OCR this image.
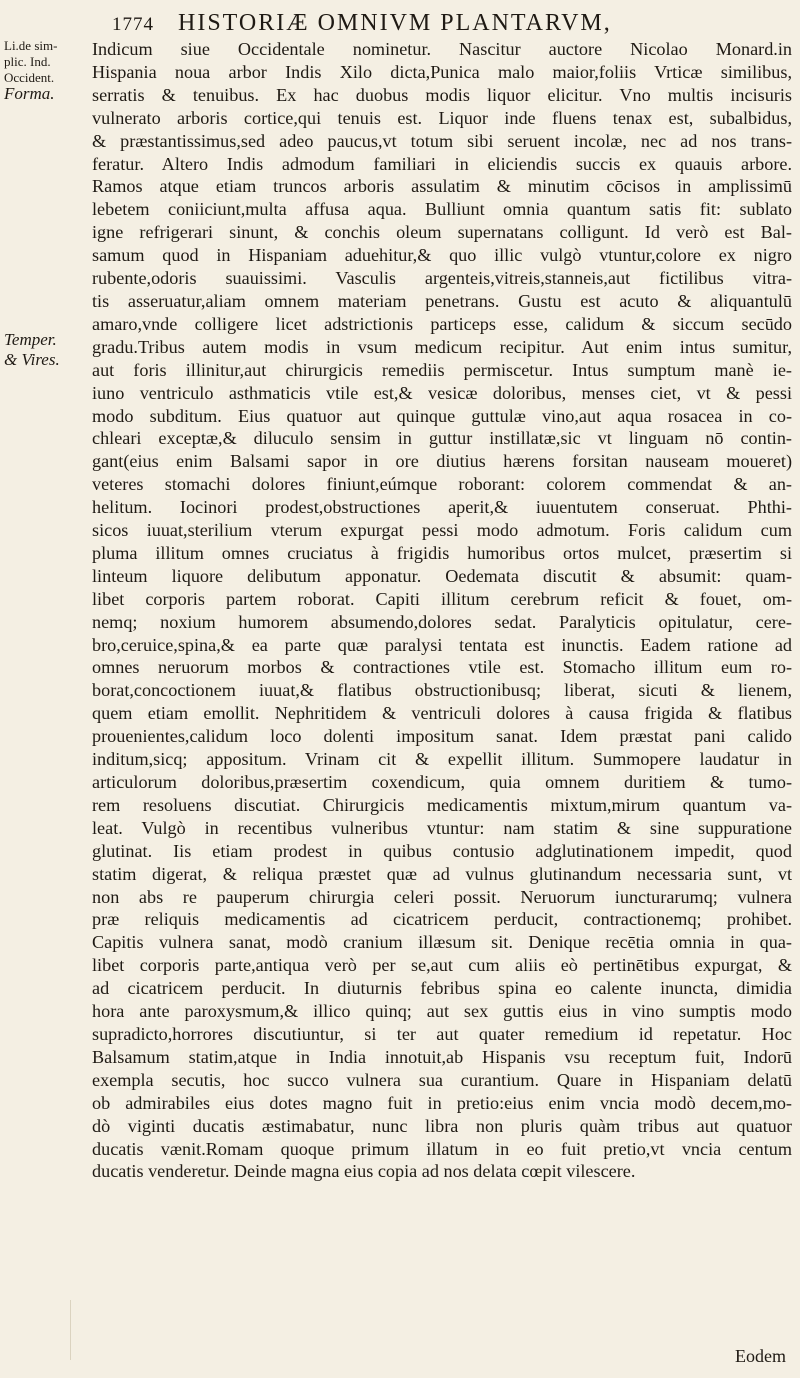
1774 HISTORIÆ OMNIVM PLANTARVM,
Li.de sim-
plic. Ind.
Occident.
Forma.
Temper.
& Vires.
Indicum siue Occidentale nominetur. Nascitur auctore Nicolao Monard.in
Hispania noua arbor Indis Xilo dicta,Punica malo maior,foliis Vrticæ similibus,
serratis & tenuibus. Ex hac duobus modis liquor elicitur. Vno multis incisuris
vulnerato arboris cortice,qui tenuis est. Liquor inde fluens tenax est, subalbidus,
& præstantissimus,sed adeo paucus,vt totum sibi seruent incolæ, nec ad nos trans-
feratur. Altero Indis admodum familiari in eliciendis succis ex quauis arbore.
Ramos atque etiam truncos arboris assulatim & minutim cōcisos in amplissimū
lebetem coniiciunt,multa affusa aqua. Bulliunt omnia quantum satis fit: sublato
igne refrigerari sinunt, & conchis oleum supernatans colligunt. Id verò est Bal-
samum quod in Hispaniam aduehitur,& quo illic vulgò vtuntur,colore ex nigro
rubente,odoris suauissimi. Vasculis argenteis,vitreis,stanneis,aut fictilibus vitra-
tis asseruatur,aliam omnem materiam penetrans. Gustu est acuto & aliquantulū
amaro,vnde colligere licet adstrictionis particeps esse, calidum & siccum secūdo
gradu.Tribus autem modis in vsum medicum recipitur. Aut enim intus sumitur,
aut foris illinitur,aut chirurgicis remediis permiscetur. Intus sumptum manè ie-
iuno ventriculo asthmaticis vtile est,& vesicæ doloribus, menses ciet, vt & pessi
modo subditum. Eius quatuor aut quinque guttulæ vino,aut aqua rosacea in co-
chleari exceptæ,& diluculo sensim in guttur instillatæ,sic vt linguam nō contin-
gant(eius enim Balsami sapor in ore diutius hærens forsitan nauseam moueret)
veteres stomachi dolores finiunt,eúmque roborant: colorem commendat & an-
helitum. Iocinori prodest,obstructiones aperit,& iuuentutem conseruat. Phthi-
sicos iuuat,sterilium vterum expurgat pessi modo admotum. Foris calidum cum
pluma illitum omnes cruciatus à frigidis humoribus ortos mulcet, præsertim si
linteum liquore delibutum apponatur. Oedemata discutit & absumit: quam-
libet corporis partem roborat. Capiti illitum cerebrum reficit & fouet, om-
nemq; noxium humorem absumendo,dolores sedat. Paralyticis opitulatur, cere-
bro,ceruice,spina,& ea parte quæ paralysi tentata est inunctis. Eadem ratione ad
omnes neruorum morbos & contractiones vtile est. Stomacho illitum eum ro-
borat,concoctionem iuuat,& flatibus obstructionibusq; liberat, sicuti & lienem,
quem etiam emollit. Nephritidem & ventriculi dolores à causa frigida & flatibus
prouenientes,calidum loco dolenti impositum sanat. Idem præstat pani calido
inditum,sicq; appositum. Vrinam cit & expellit illitum. Summopere laudatur in
articulorum doloribus,præsertim coxendicum, quia omnem duritiem & tumo-
rem resoluens discutiat. Chirurgicis medicamentis mixtum,mirum quantum va-
leat. Vulgò in recentibus vulneribus vtuntur: nam statim & sine suppuratione
glutinat. Iis etiam prodest in quibus contusio adglutinationem impedit, quod
statim digerat, & reliqua præstet quæ ad vulnus glutinandum necessaria sunt, vt
non abs re pauperum chirurgia celeri possit. Neruorum iuncturarumq; vulnera
præ reliquis medicamentis ad cicatricem perducit, contractionemq; prohibet.
Capitis vulnera sanat, modò cranium illæsum sit. Denique recētia omnia in qua-
libet corporis parte,antiqua verò per se,aut cum aliis eò pertinētibus expurgat, &
ad cicatricem perducit. In diuturnis febribus spina eo calente inuncta, dimidia
hora ante paroxysmum,& illico quinq; aut sex guttis eius in vino sumptis modo
supradicto,horrores discutiuntur, si ter aut quater remedium id repetatur. Hoc
Balsamum statim,atque in India innotuit,ab Hispanis vsu receptum fuit, Indorū
exempla secutis, hoc succo vulnera sua curantium. Quare in Hispaniam delatū
ob admirabiles eius dotes magno fuit in pretio:eius enim vncia modò decem,mo-
dò viginti ducatis æstimabatur, nunc libra non pluris quàm tribus aut quatuor
ducatis vænit.Romam quoque primum illatum in eo fuit pretio,vt vncia centum
ducatis venderetur. Deinde magna eius copia ad nos delata cœpit vilescere.
Eodem
